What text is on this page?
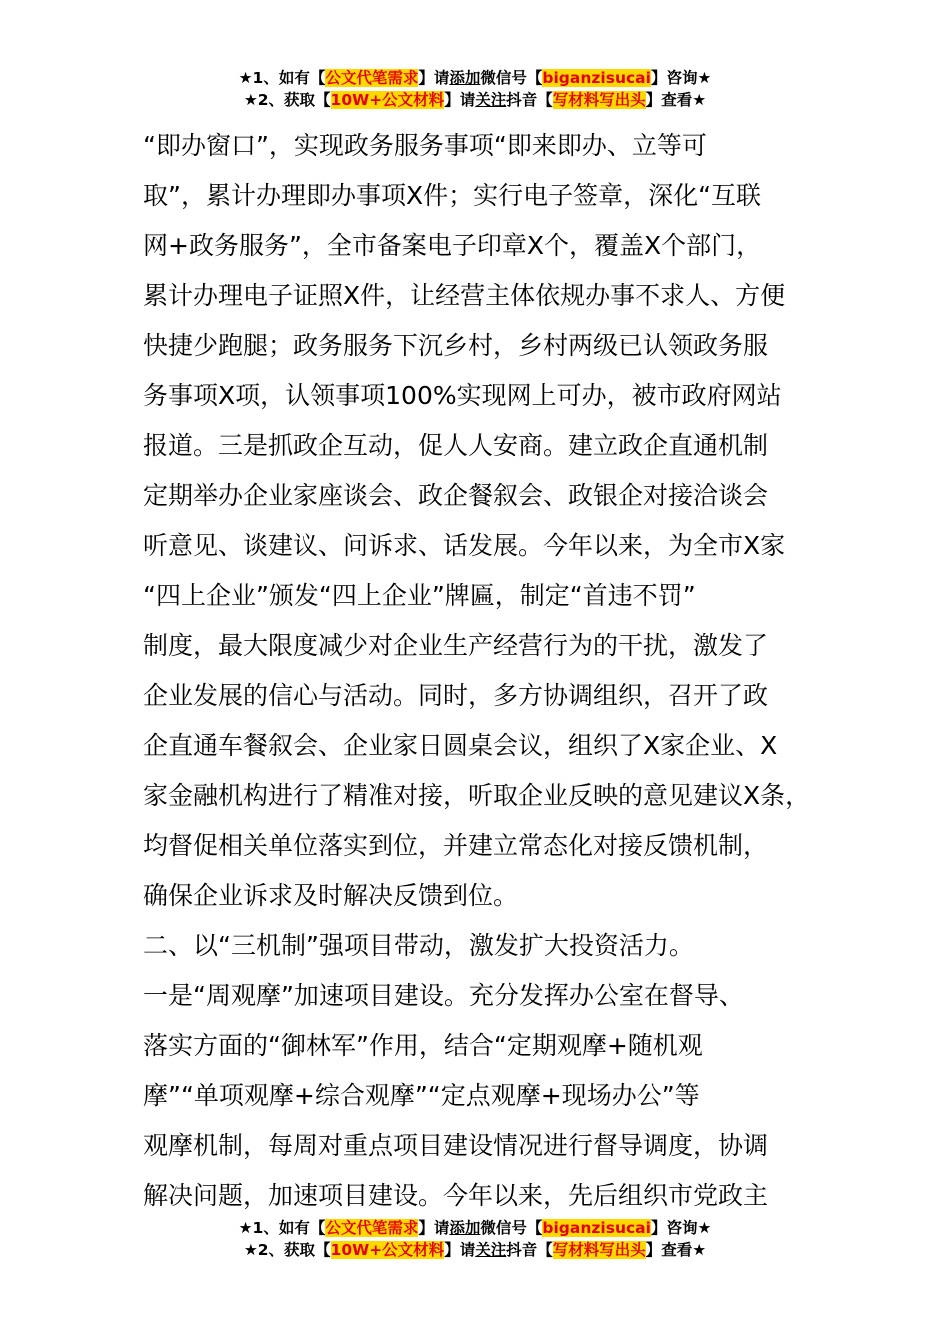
★1、如有【公文代笔需求】请添加微信号【biganzisucai】咨询★
★2、获取【10W+公文材料】请关注抖音【写材料写出头】查看★
“即办窗口”，实现政务服务事项“即来即办、立等可
取”，累计办理即办事项X件；实行电子签章，深化“互联
网+政务服务”，全市备案电子印章X个，覆盖X个部门，
累计办理电子证照X件，让经营主体依规办事不求人、方便
快捷少跑腿；政务服务下沉乡村，乡村两级已认领政务服
务事项X项，认领事项100%实现网上可办，被市政府网站
报道。三是抓政企互动，促人人安商。建立政企直通机制
定期举办企业家座谈会、政企餐叙会、政银企对接洽谈会
听意见、谈建议、问诉求、话发展。今年以来，为全市X家
“四上企业”颁发“四上企业”牌匾，制定“首违不罚”
制度，最大限度减少对企业生产经营行为的干扰，激发了
企业发展的信心与活动。同时，多方协调组织，召开了政
企直通车餐叙会、企业家日圆桌会议，组织了X家企业、X
家金融机构进行了精准对接，听取企业反映的意见建议X条，
均督促相关单位落实到位，并建立常态化对接反馈机制，
确保企业诉求及时解决反馈到位。
二、以“三机制”强项目带动，激发扩大投资活力。
一是“周观摩”加速项目建设。充分发挥办公室在督导、
落实方面的“御林军”作用，结合“定期观摩+随机观
摩”“单项观摩+综合观摩”“定点观摩+现场办公”等
观摩机制，每周对重点项目建设情况进行督导调度，协调
解决问题，加速项目建设。今年以来，先后组织市党政主
★1、如有【公文代笔需求】请添加微信号【biganzisucai】咨询★
★2、获取【10W+公文材料】请关注抖音【写材料写出头】查看★
